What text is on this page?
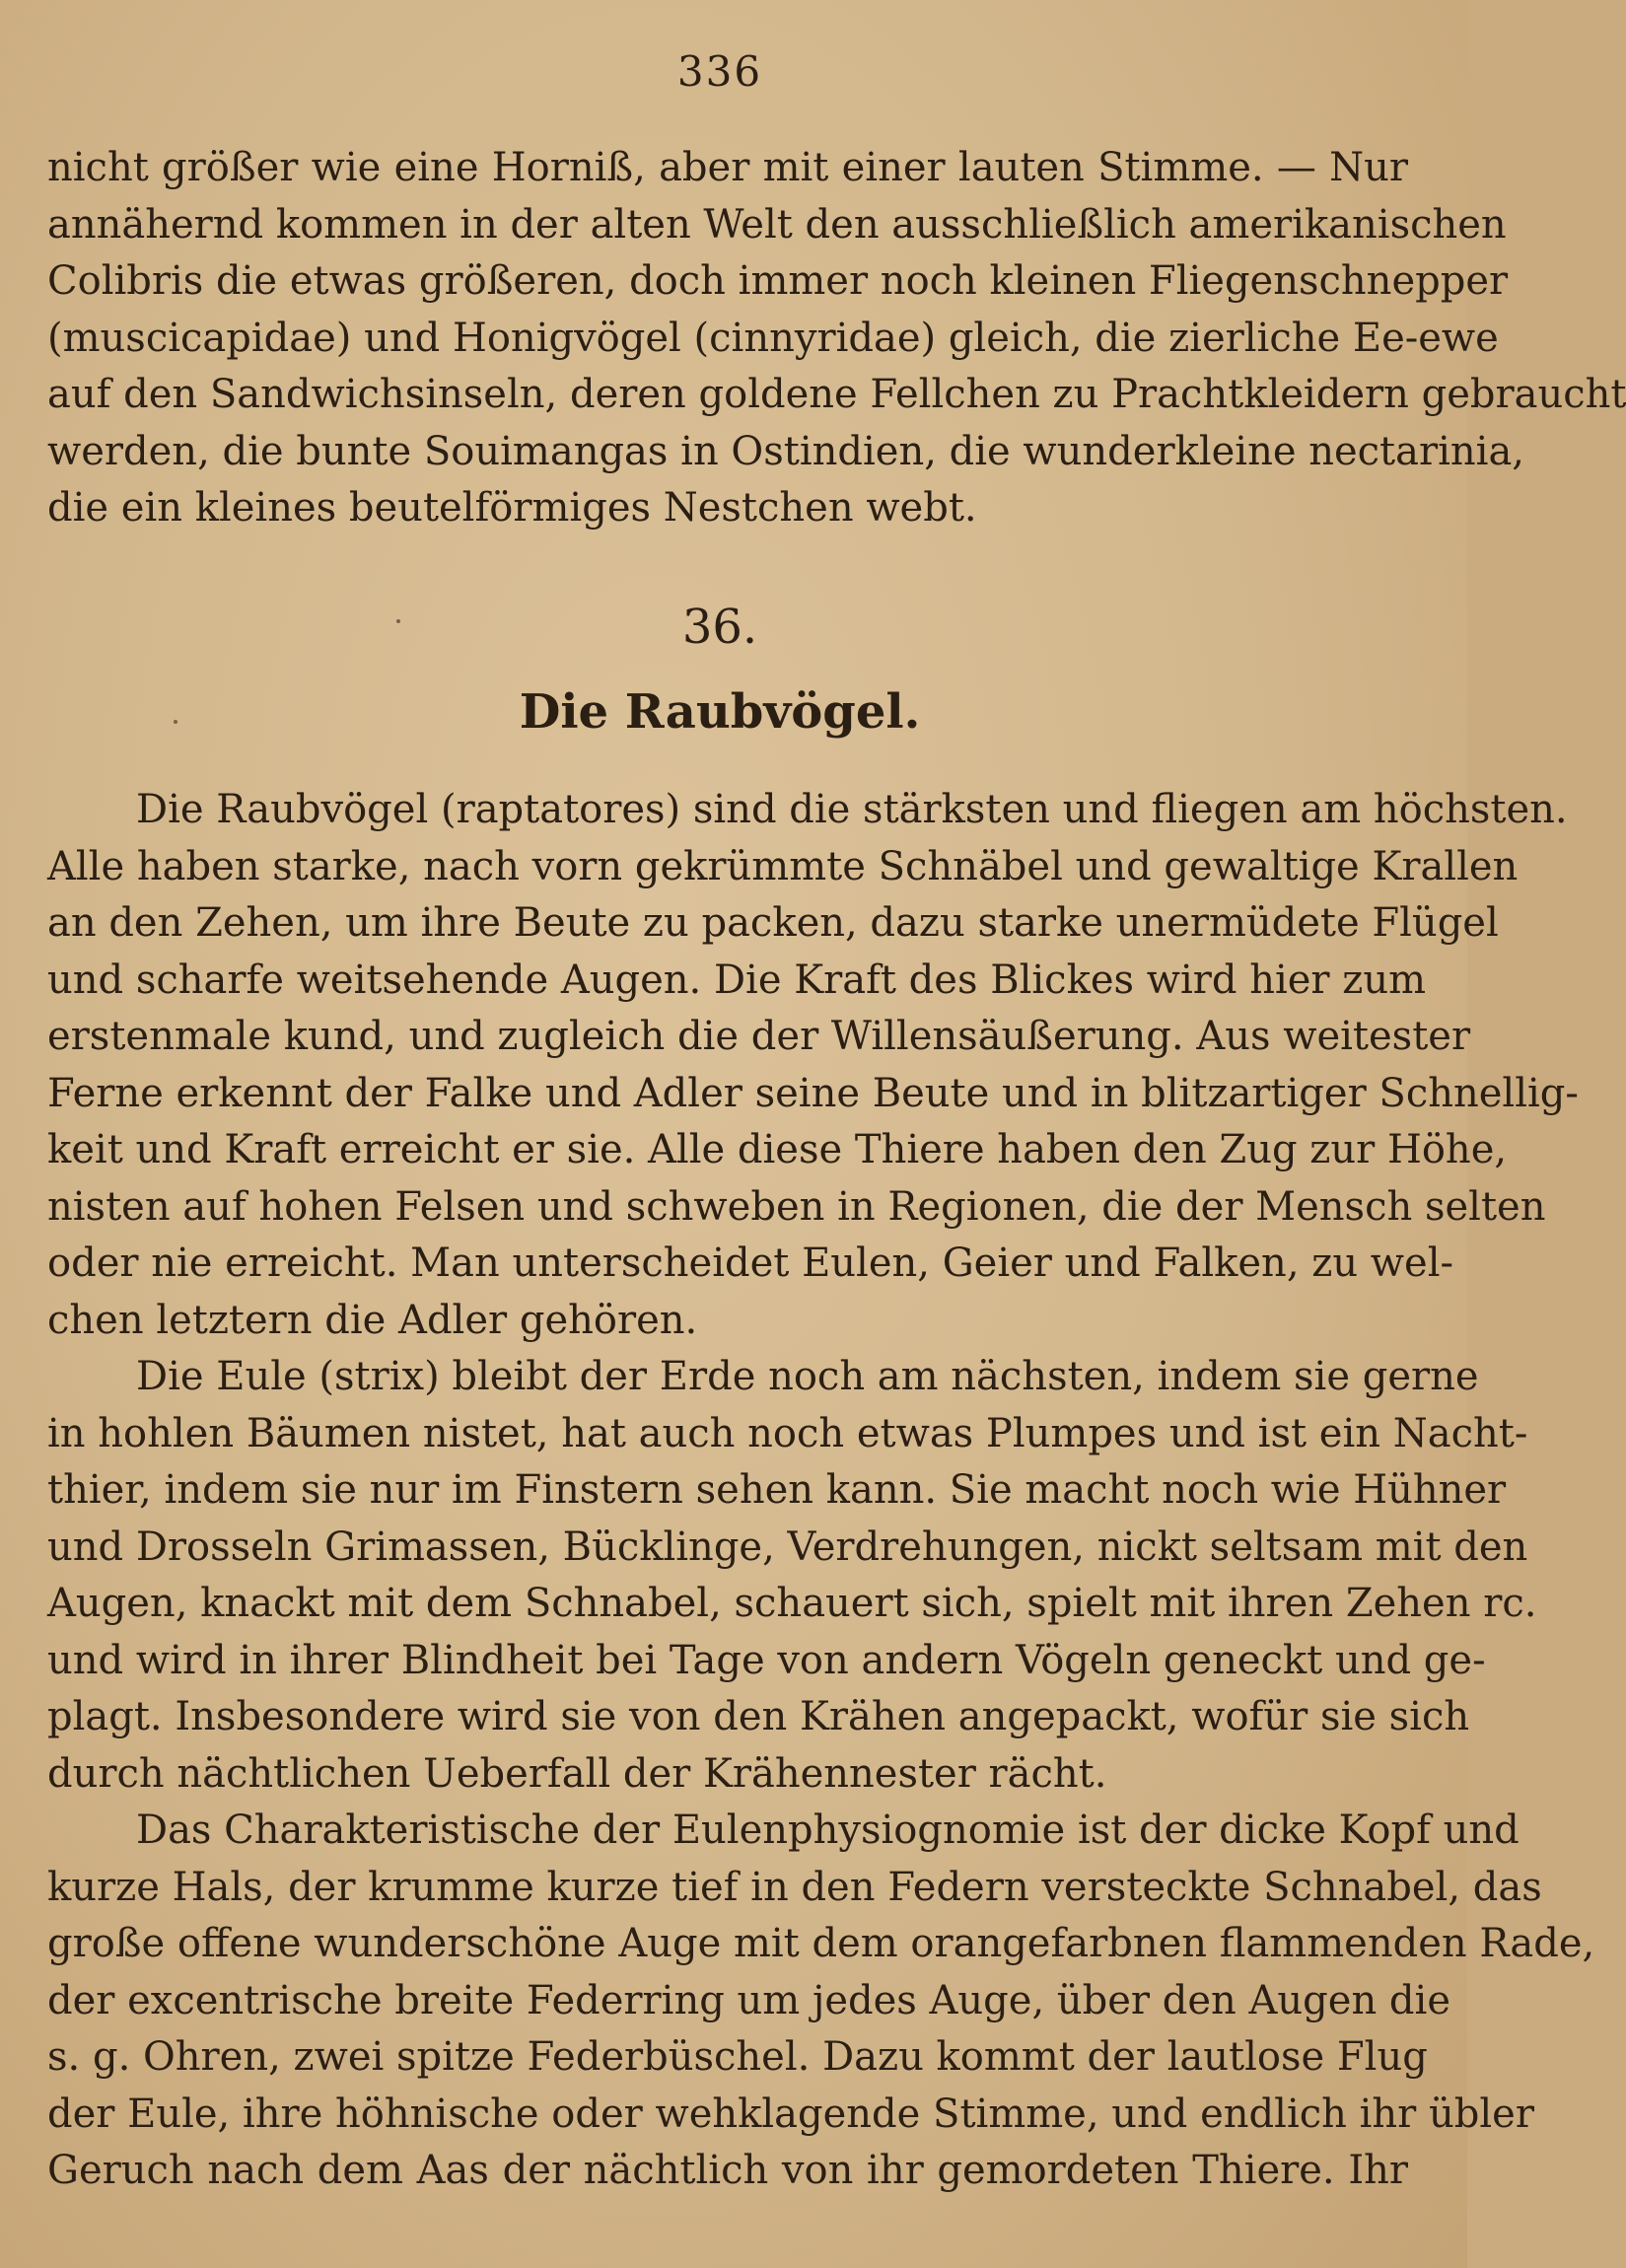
336
nicht größer wie eine Horniß, aber mit einer lauten Stimme. — Nur
annähernd kommen in der alten Welt den ausschließlich amerikanischen
Colibris die etwas größeren, doch immer noch kleinen Fliegenschnepper
(muscicapidae) und Honigvögel (cinnyridae) gleich, die zierliche Ee-ewe
auf den Sandwichsinseln, deren goldene Fellchen zu Prachtkleidern gebraucht
werden, die bunte Souimangas in Ostindien, die wunderkleine nectarinia,
die ein kleines beutelförmiges Nestchen webt.
36.
Die Raubvögel.
Die Raubvögel (raptatores) sind die stärksten und fliegen am höchsten.
Alle haben starke, nach vorn gekrümmte Schnäbel und gewaltige Krallen
an den Zehen, um ihre Beute zu packen, dazu starke unermüdete Flügel
und scharfe weitsehende Augen. Die Kraft des Blickes wird hier zum
erstenmale kund, und zugleich die der Willensäußerung. Aus weitester
Ferne erkennt der Falke und Adler seine Beute und in blitzartiger Schnellig-
keit und Kraft erreicht er sie. Alle diese Thiere haben den Zug zur Höhe,
nisten auf hohen Felsen und schweben in Regionen, die der Mensch selten
oder nie erreicht. Man unterscheidet Eulen, Geier und Falken, zu wel-
chen letztern die Adler gehören.
Die Eule (strix) bleibt der Erde noch am nächsten, indem sie gerne
in hohlen Bäumen nistet, hat auch noch etwas Plumpes und ist ein Nacht-
thier, indem sie nur im Finstern sehen kann. Sie macht noch wie Hühner
und Drosseln Grimassen, Bücklinge, Verdrehungen, nickt seltsam mit den
Augen, knackt mit dem Schnabel, schauert sich, spielt mit ihren Zehen rc.
und wird in ihrer Blindheit bei Tage von andern Vögeln geneckt und ge-
plagt. Insbesondere wird sie von den Krähen angepackt, wofür sie sich
durch nächtlichen Ueberfall der Krähennester rächt.
Das Charakteristische der Eulenphysiognomie ist der dicke Kopf und
kurze Hals, der krumme kurze tief in den Federn versteckte Schnabel, das
große offene wunderschöne Auge mit dem orangefarbnen flammenden Rade,
der excentrische breite Federring um jedes Auge, über den Augen die
s. g. Ohren, zwei spitze Federbüschel. Dazu kommt der lautlose Flug
der Eule, ihre höhnische oder wehklagende Stimme, und endlich ihr übler
Geruch nach dem Aas der nächtlich von ihr gemordeten Thiere. Ihr
